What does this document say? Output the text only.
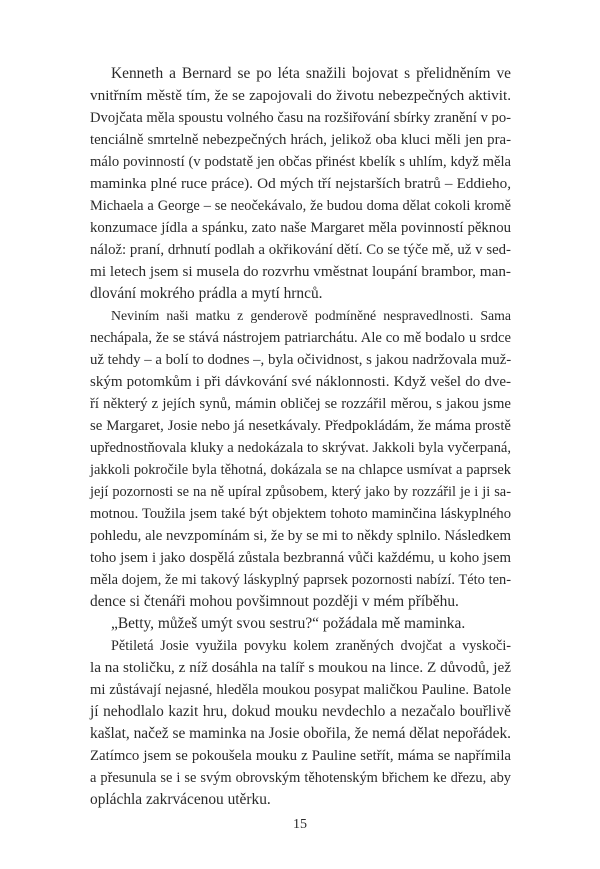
Kenneth a Bernard se po léta snažili bojovat s přelidněním ve
vnitřním městě tím, že se zapojovali do životu nebezpečných aktivit.
Dvojčata měla spoustu volného času na rozšiřování sbírky zranění v po-
tenciálně smrtelně nebezpečných hrách, jelikož oba kluci měli jen pra-
málo povinností (v podstatě jen občas přinést kbelík s uhlím, když měla
maminka plné ruce práce). Od mých tří nejstarších bratrů – Eddieho,
Michaela a George – se neočekávalo, že budou doma dělat cokoli kromě
konzumace jídla a spánku, zato naše Margaret měla povinností pěknou
nálož: praní, drhnutí podlah a okřikování dětí. Co se týče mě, už v sed-
mi letech jsem si musela do rozvrhu vměstnat loupání brambor, man-
dlování mokrého prádla a mytí hrnců.
Neviním naši matku z genderově podmíněné nespravedlnosti. Sama
nechápala, že se stává nástrojem patriarchátu. Ale co mě bodalo u srdce
už tehdy – a bolí to dodnes –, byla očividnost, s jakou nadržovala muž-
ským potomkům i při dávkování své náklonnosti. Když vešel do dve-
ří některý z jejích synů, mámin obličej se rozzářil měrou, s jakou jsme
se Margaret, Josie nebo já nesetkávaly. Předpokládám, že máma prostě
upřednostňovala kluky a nedokázala to skrývat. Jakkoli byla vyčerpaná,
jakkoli pokročile byla těhotná, dokázala se na chlapce usmívat a paprsek
její pozornosti se na ně upíral způsobem, který jako by rozzářil je i ji sa-
motnou. Toužila jsem také být objektem tohoto maminčina láskyplného
pohledu, ale nevzpomínám si, že by se mi to někdy splnilo. Následkem
toho jsem i jako dospělá zůstala bezbranná vůči každému, u koho jsem
měla dojem, že mi takový láskyplný paprsek pozornosti nabízí. Této ten-
dence si čtenáři mohou povšimnout později v mém příběhu.
„Betty, můžeš umýt svou sestru?“ požádala mě maminka.
Pětiletá Josie využila povyku kolem zraněných dvojčat a vyskoči-
la na stoličku, z níž dosáhla na talíř s moukou na lince. Z důvodů, jež
mi zůstávají nejasné, hleděla moukou posypat maličkou Pauline. Batole
jí nehodlalo kazit hru, dokud mouku nevdechlo a nezačalo bouřlivě
kašlat, načež se maminka na Josie obořila, že nemá dělat nepořádek.
Zatímco jsem se pokoušela mouku z Pauline setřít, máma se napřímila
a přesunula se i se svým obrovským těhotenským břichem ke dřezu, aby
opláchla zakrvácenou utěrku.
15
